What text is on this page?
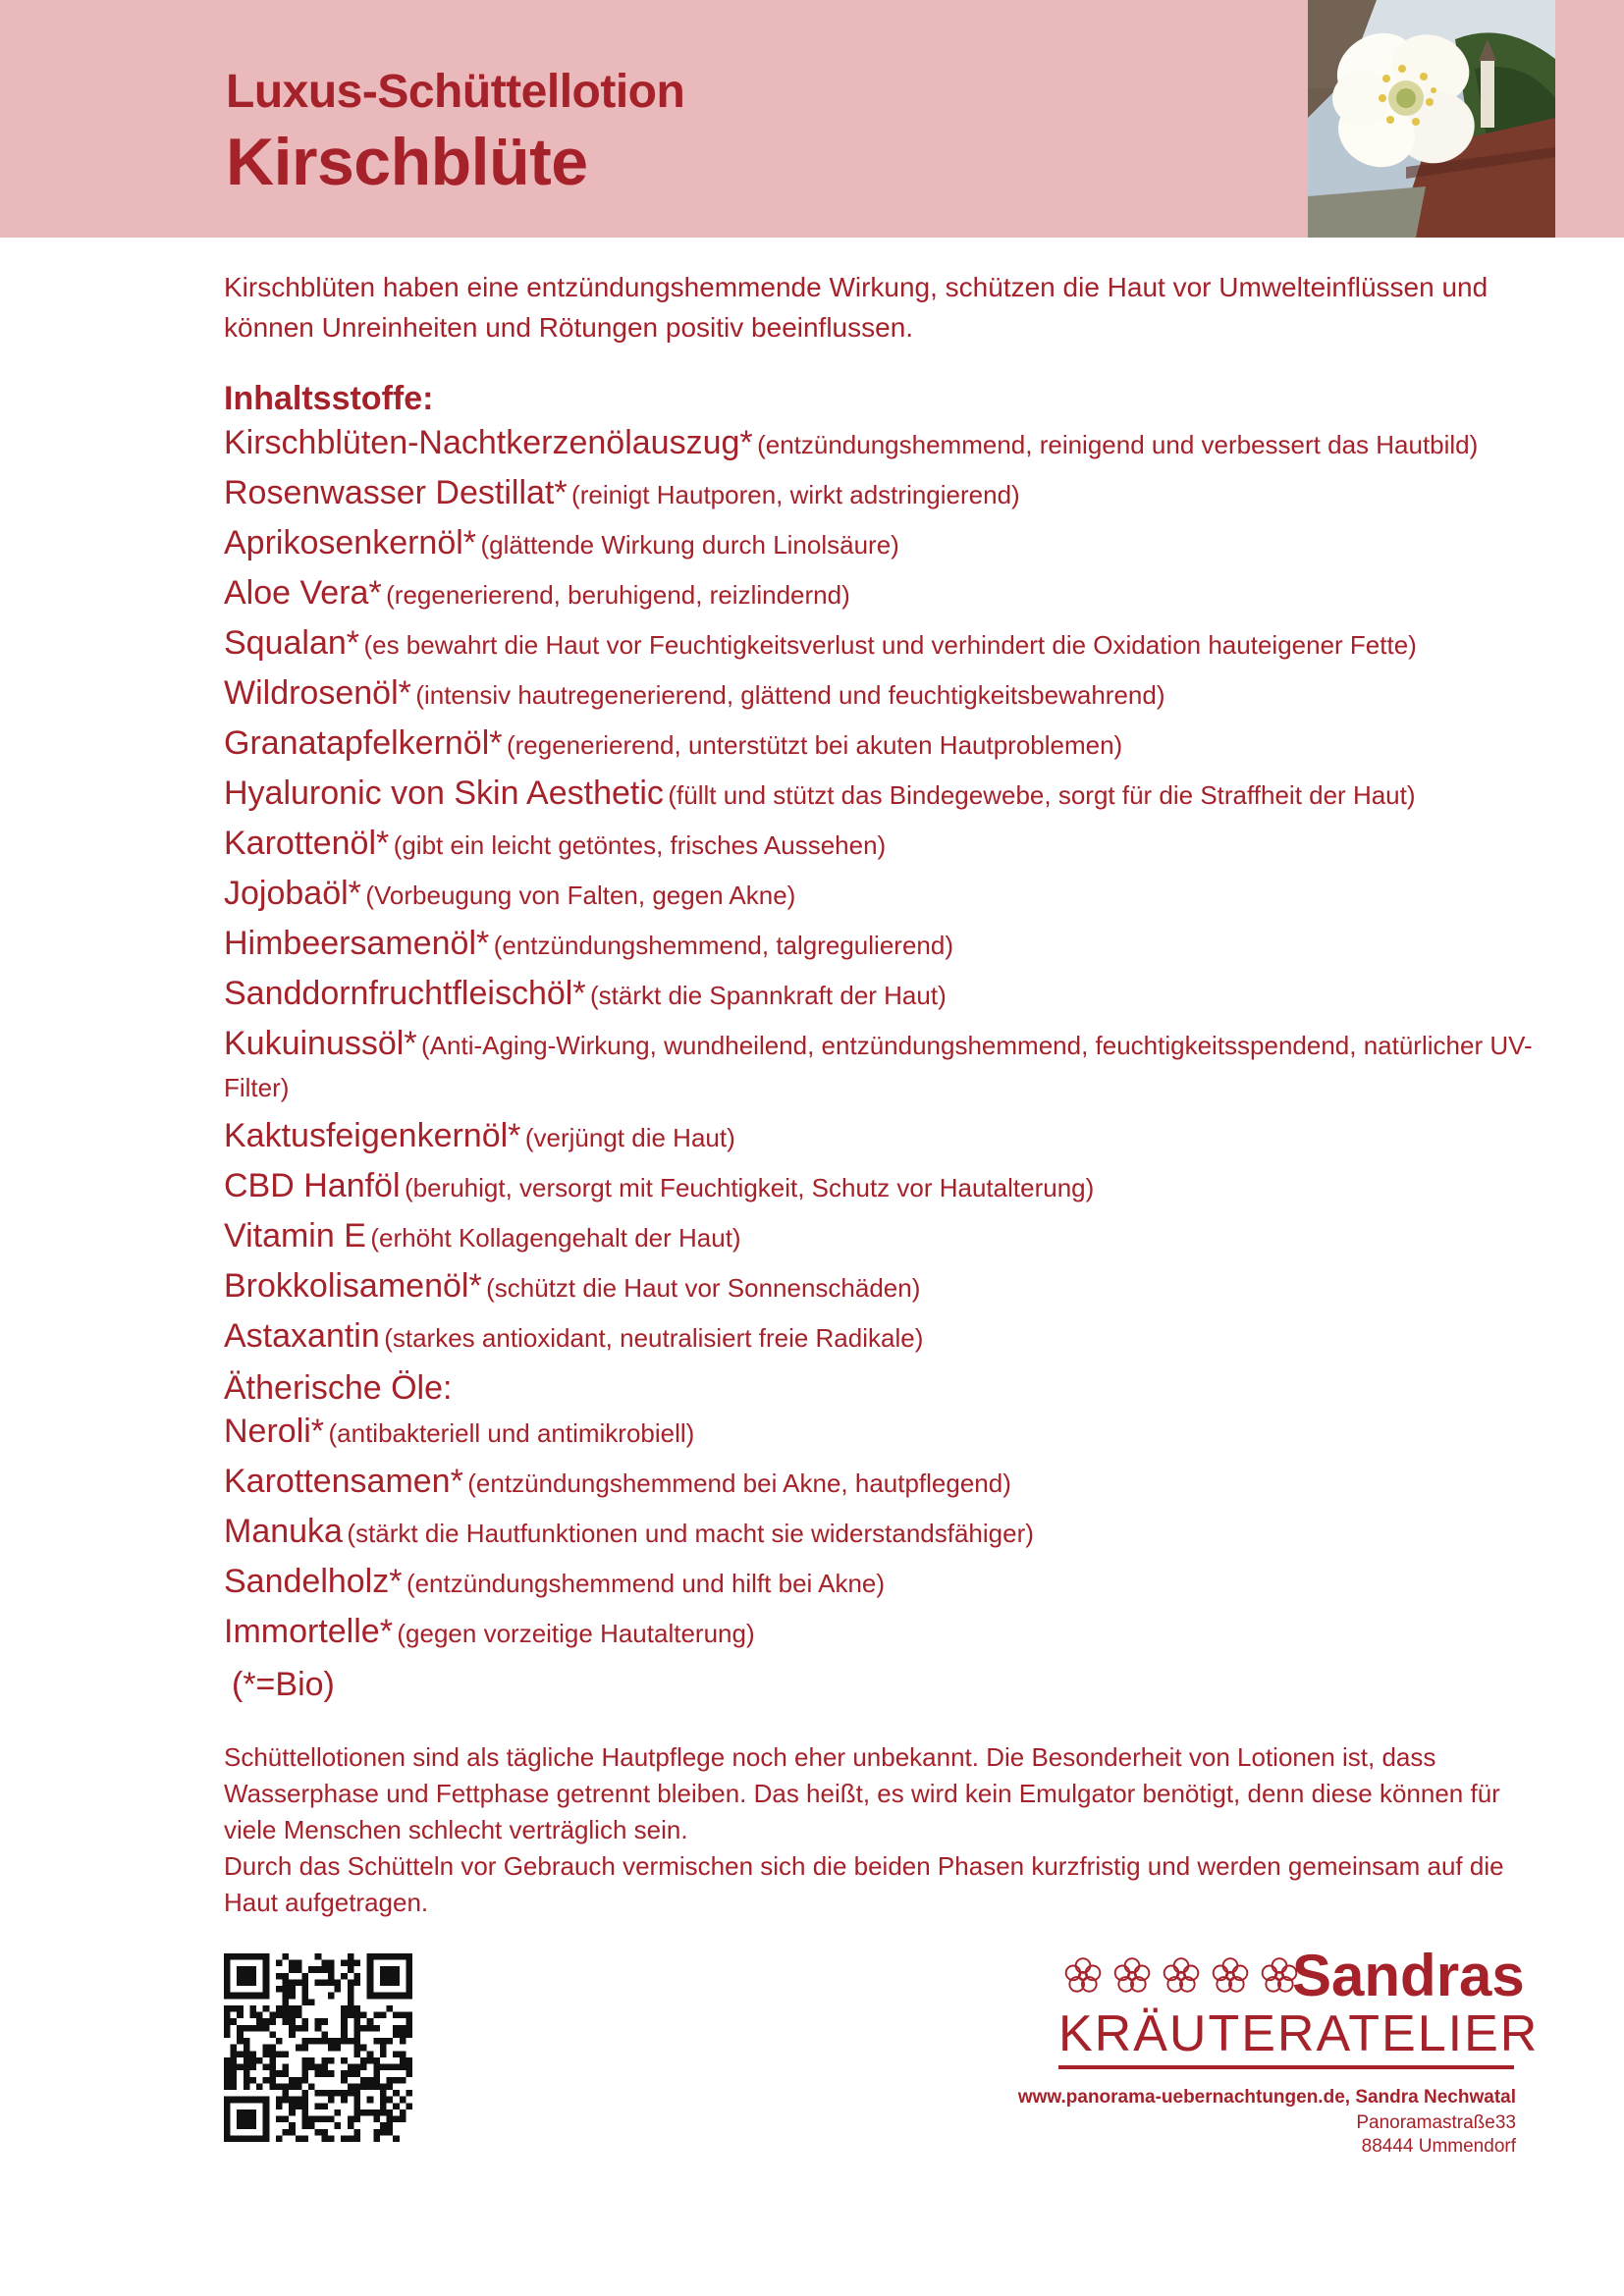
Luxus-Schüttellotion
Kirschblüte

Kirschblüten haben eine entzündungshemmende Wirkung, schützen die Haut vor Umwelteinflüssen und können Unreinheiten und Rötungen positiv beeinflussen.

Inhaltsstoffe:
Kirschblüten-Nachtkerzenölauszug* (entzündungshemmend, reinigend und verbessert das Hautbild)
Rosenwasser Destillat* (reinigt Hautporen, wirkt adstringierend)
Aprikosenkernöl* (glättende Wirkung durch Linolsäure)
Aloe Vera* (regenerierend, beruhigend, reizlindernd)
Squalan* (es bewahrt die Haut vor Feuchtigkeitsverlust und verhindert die Oxidation hauteigener Fette)
Wildrosenöl* (intensiv hautregenerierend, glättend und feuchtigkeitsbewahrend)
Granatapfelkernöl* (regenerierend, unterstützt bei akuten Hautproblemen)
Hyaluronic von Skin Aesthetic (füllt und stützt das Bindegewebe, sorgt für die Straffheit der Haut)
Karottenöl* (gibt ein leicht getöntes, frisches Aussehen)
Jojobaöl* (Vorbeugung von Falten, gegen Akne)
Himbeersamenöl* (entzündungshemmend, talgregulierend)
Sanddornfruchtfleischöl* (stärkt die Spannkraft der Haut)
Kukuinussöl* (Anti-Aging-Wirkung, wundheilend, entzündungshemmend, feuchtigkeitsspendend, natürlicher UV-Filter)
Kaktusfeigenkernöl* (verjüngt die Haut)
CBD Hanföl (beruhigt, versorgt mit Feuchtigkeit, Schutz vor Hautalterung)
Vitamin E (erhöht Kollagengehalt der Haut)
Brokkolisamenöl* (schützt die Haut vor Sonnenschäden)
Astaxantin (starkes antioxidant, neutralisiert freie Radikale)
Ätherische Öle:
Neroli* (antibakteriell und antimikrobiell)
Karottensamen* (entzündungshemmend bei Akne, hautpflegend)
Manuka (stärkt die Hautfunktionen und macht sie widerstandsfähiger)
Sandelholz* (entzündungshemmend und hilft bei Akne)
Immortelle* (gegen vorzeitige Hautalterung)
(*=Bio)

Schüttellotionen sind als tägliche Hautpflege noch eher unbekannt. Die Besonderheit von Lotionen ist, dass Wasserphase und Fettphase getrennt bleiben. Das heißt, es wird kein Emulgator benötigt, denn diese können für viele Menschen schlecht verträglich sein.

Durch das Schütteln vor Gebrauch vermischen sich die beiden Phasen kurzfristig und werden gemeinsam auf die Haut aufgetragen.

Sandras
KRÄUTERATELIER
www.panorama-uebernachtungen.de, Sandra Nechwatal
Panoramastraße33
88444 Ummendorf
